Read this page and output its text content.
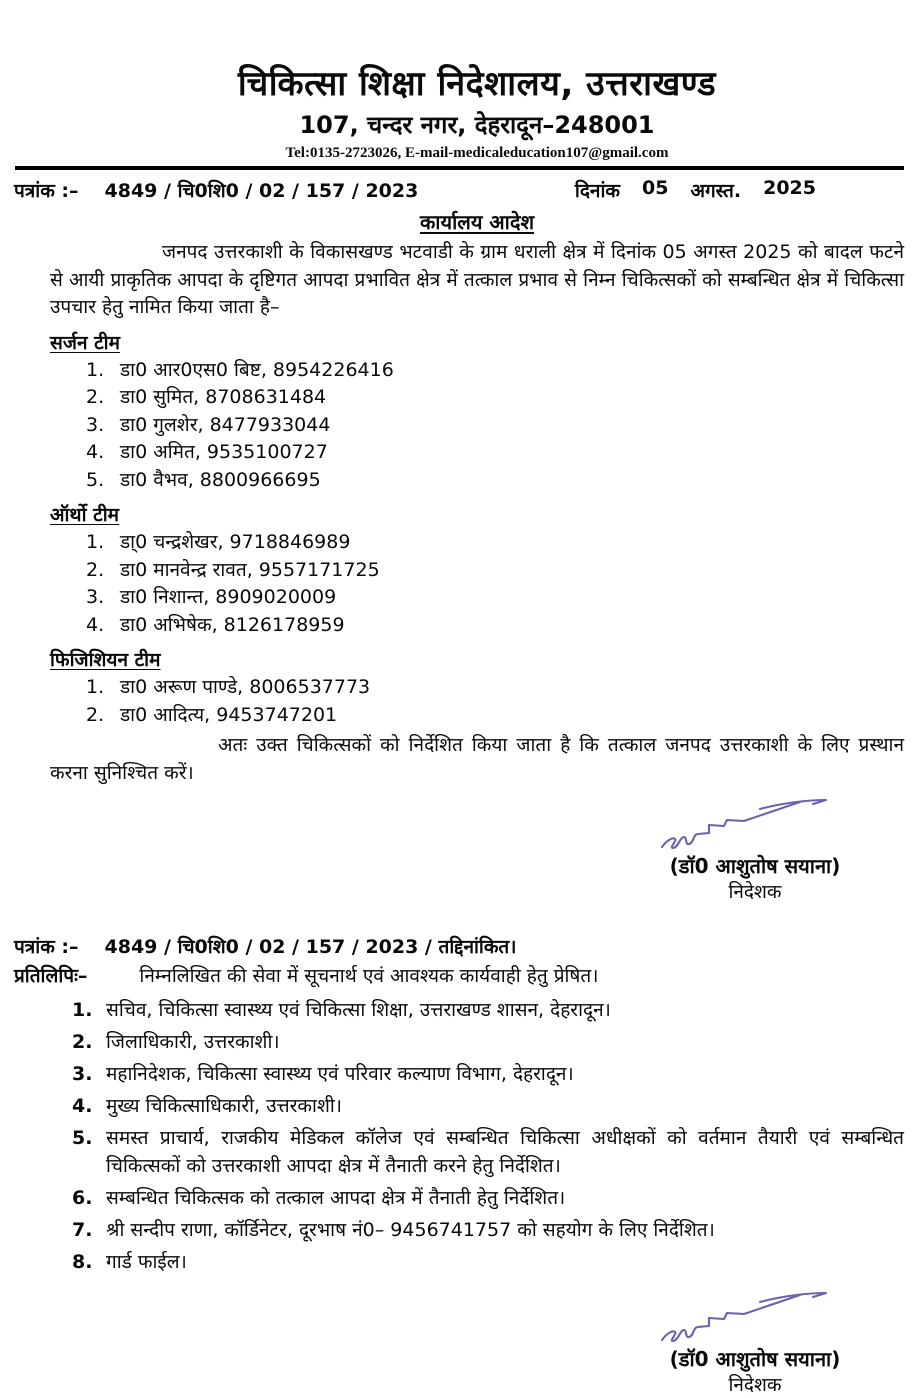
चिकित्सा शिक्षा निदेशालय, उत्तराखण्ड
107, चन्दर नगर, देहरादून–248001
Tel:0135-2723026, E-mail-medicaleducation107@gmail.com
पत्रांक :– 4849 / चि0शि0 / 02 / 157 / 2023	दिनांक 05 अगस्त. 2025
कार्यालय आदेश
जनपद उत्तरकाशी के विकासखण्ड भटवाडी के ग्राम धराली क्षेत्र में दिनांक 05 अगस्त 2025 को बादल फटने से आयी प्राकृतिक आपदा के दृष्टिगत आपदा प्रभावित क्षेत्र में तत्काल प्रभाव से निम्न चिकित्सकों को सम्बन्धित क्षेत्र में चिकित्सा उपचार हेतु नामित किया जाता है–
सर्जन टीम
डा0 आर0एस0 बिष्ट, 8954226416
डा0 सुमित, 8708631484
डा0 गुलशेर, 8477933044
डा0 अमित, 9535100727
डा0 वैभव, 8800966695
ऑर्थो टीम
डा्0 चन्द्रशेखर, 9718846989
डा0 मानवेन्द्र रावत, 9557171725
डा0 निशान्त, 8909020009
डा0 अभिषेक, 8126178959
फिजिशियन टीम
डा0 अरूण पाण्डे, 8006537773
डा0 आदित्य, 9453747201
अतः उक्त चिकित्सकों को निर्देशित किया जाता है कि तत्काल जनपद उत्तरकाशी के लिए प्रस्थान करना सुनिश्चित करें।
(डॉ0 आशुतोष सयाना)
निदेशक
पत्रांक :– 4849 / चि0शि0 / 02 / 157 / 2023 / तद्दिनांकित।
प्रतिलिपिः–	निम्नलिखित की सेवा में सूचनार्थ एवं आवश्यक कार्यवाही हेतु प्रेषित।
सचिव, चिकित्सा स्वास्थ्य एवं चिकित्सा शिक्षा, उत्तराखण्ड शासन, देहरादून।
जिलाधिकारी, उत्तरकाशी।
महानिदेशक, चिकित्सा स्वास्थ्य एवं परिवार कल्याण विभाग, देहरादून।
मुख्य चिकित्साधिकारी, उत्तरकाशी।
समस्त प्राचार्य, राजकीय मेडिकल कॉलेज एवं सम्बन्धित चिकित्सा अधीक्षकों को वर्तमान तैयारी एवं सम्बन्धित चिकित्सकों को उत्तरकाशी आपदा क्षेत्र में तैनाती करने हेतु निर्देशित।
सम्बन्धित चिकित्सक को तत्काल आपदा क्षेत्र में तैनाती हेतु निर्देशित।
श्री सन्दीप राणा, कॉर्डिनेटर, दूरभाष नं0– 9456741757 को सहयोग के लिए निर्देशित।
गार्ड फाईल।
(डॉ0 आशुतोष सयाना)
निदेशक
